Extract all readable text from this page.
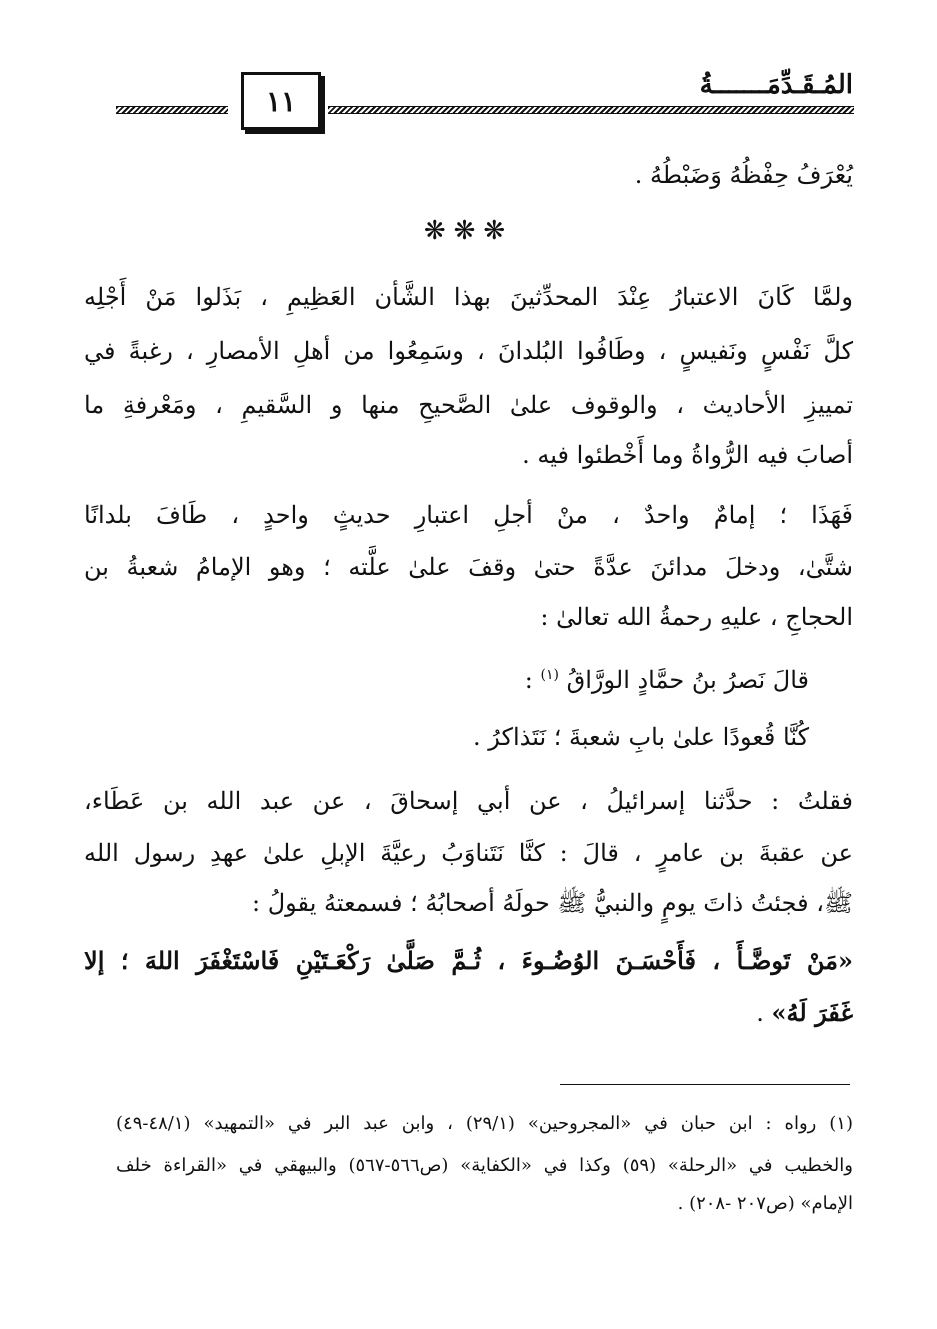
المُـقَـدِّمَـــــــةُ
١١
يُعْرَفُ حِفْظُهُ وَضَبْطُهُ .
❋❋❋
ولمَّا كَانَ الاعتبارُ عِنْدَ المحدِّثينَ بهذا الشَّأن العَظِيمِ ، بَذَلوا مَنْ أَجْلِه
كلَّ نَفْسٍ ونَفيسٍ ، وطَافُوا البُلدانَ ، وسَمِعُوا من أهلِ الأمصارِ ، رغبةً في
تمييزِ الأحاديث ، والوقوف علىٰ الصَّحيحِ منها و السَّقيمِ ، ومَعْرفةِ ما
أصابَ فيه الرُّواةُ وما أَخْطئوا فيه .
فَهَذَا ؛ إمامٌ واحدٌ ، منْ أجلِ اعتبارِ حديثٍ واحدٍ ، طَافَ بلدانًا
شتَّىٰ، ودخلَ مدائنَ عدَّةً حتىٰ وقفَ علىٰ علَّته ؛ وهو الإمامُ شعبةُ بن
الحجاجِ ، عليهِ رحمةُ الله تعالىٰ :
قالَ نَصرُ بنُ حمَّادٍ الورَّاقُ $^{(١)}$ :
كُنَّا قُعودًا علىٰ بابِ شعبةَ ؛ نَتَذاكرُ .
فقلتُ : حدَّثنا إسرائيلُ ، عن أبي إسحاقَ ، عن عبد الله بن عَطَاء،
عن عقبةَ بن عامرٍ ، قالَ : كنَّا نَتَناوَبُ رعيَّةَ الإبلِ علىٰ عهدِ رسول الله
ﷺ، فجئتُ ذاتَ يومٍ والنبيُّ ﷺ حولَهُ أصحابُهُ ؛ فسمعتهُ يقولُ :
«مَنْ تَوضَّـأَ ، فَأَحْسَـنَ الوُضُـوءَ ، ثُـمَّ صَلَّىٰ رَكْعَـتَيْنِ فَاسْتَغْفَرَ اللهَ ؛ إلا
غَفَرَ لَهُ» .
(١) رواه : ابن حبان في «المجروحين» (٢٩/١) ، وابن عبد البر في «التمهيد» (٤٨/١-٤٩)
والخطيب في «الرحلة» (٥٩) وكذا في «الكفاية» (ص٥٦٦-٥٦٧) والبيهقي في «القراءة خلف
الإمام» (ص٢٠٧ -٢٠٨) .
